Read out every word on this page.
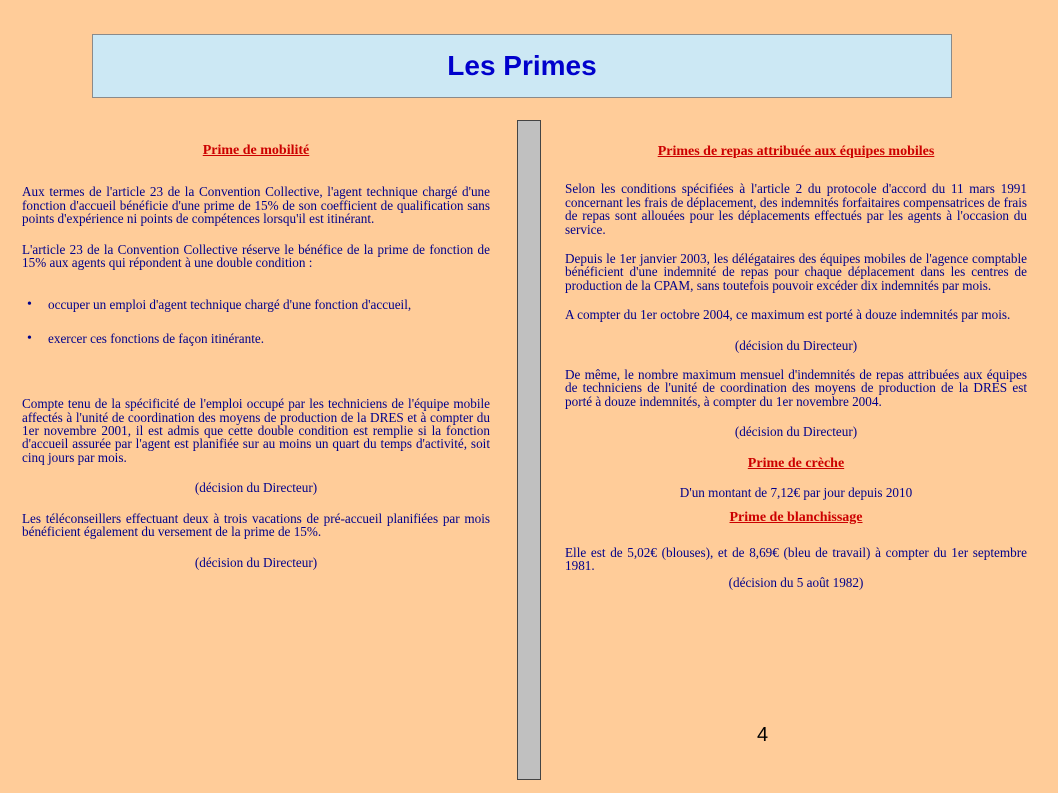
Les Primes

Prime de mobilité

Aux termes de l'article 23 de la Convention Collective, l'agent technique chargé d'une fonction d'accueil bénéficie d'une prime de 15% de son coefficient de qualification sans points d'expérience ni points de compétences lorsqu'il est itinérant.

L'article 23 de la Convention Collective réserve le bénéfice de la prime de fonction de 15% aux agents qui répondent à une double condition :

• occuper un emploi d'agent technique chargé d'une fonction d'accueil,
• exercer ces fonctions de façon itinérante.

Compte tenu de la spécificité de l'emploi occupé par les techniciens de l'équipe mobile affectés à l'unité de coordination des moyens de production de la DRES et à compter du 1er novembre 2001, il est admis que cette double condition est remplie si la fonction d'accueil assurée par l'agent est planifiée sur au moins un quart du temps d'activité, soit cinq jours par mois.

(décision du Directeur)

Les téléconseillers effectuant deux à trois vacations de pré-accueil planifiées par mois bénéficient également du versement de la prime de 15%.

(décision du Directeur)

Primes de repas attribuée aux équipes mobiles

Selon les conditions spécifiées à l'article 2 du protocole d'accord du 11 mars 1991 concernant les frais de déplacement, des indemnités forfaitaires compensatrices de frais de repas sont allouées pour les déplacements effectués par les agents à l'occasion du service.

Depuis le 1er janvier 2003, les délégataires des équipes mobiles de l'agence comptable bénéficient d'une indemnité de repas pour chaque déplacement dans les centres de production de la CPAM, sans toutefois pouvoir excéder dix indemnités par mois.

A compter du 1er octobre 2004, ce maximum est porté à douze indemnités par mois.

(décision du Directeur)

De même, le nombre maximum mensuel d'indemnités de repas attribuées aux équipes de techniciens de l'unité de coordination des moyens de production de la DRES est porté à douze indemnités, à compter du 1er novembre 2004.

(décision du Directeur)

Prime de crèche

D'un montant de 7,12€ par jour depuis 2010

Prime de blanchissage

Elle est de 5,02€ (blouses), et de 8,69€ (bleu de travail) à compter du 1er septembre 1981.

(décision du 5 août 1982)

4
